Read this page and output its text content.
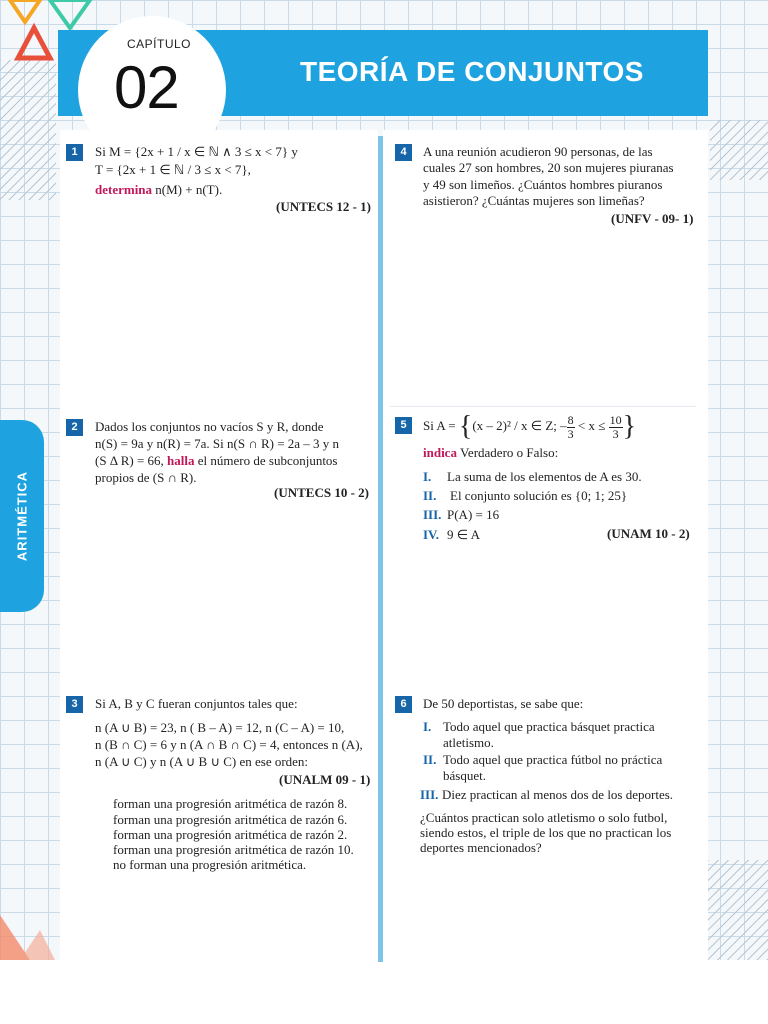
CAPÍTULO
02	TEORÍA DE CONJUNTOS
ARITMÉTICA
1	Si M = {2x + 1 / x ∈ ℕ ∧ 3 ≤ x < 7} y
T = {2x + 1 ∈ ℕ / 3 ≤ x < 7},
determina n(M) + n(T).
(UNTECS 12 - 1)
2	Dados los conjuntos no vacíos S y R, donde
n(S) = 9a y n(R) = 7a. Si n(S ∩ R) = 2a – 3 y n
(S Δ R) = 66, halla el número de subconjuntos
propios de (S ∩ R).
(UNTECS 10 - 2)
3	Si A, B y C fueran conjuntos tales que:
n (A ∪ B) = 23, n ( B – A) = 12, n (C – A) = 10,
n (B ∩ C) = 6 y n (A ∩ B ∩ C) = 4, entonces n (A),
n (A ∪ C) y n (A ∪ B ∪ C) en ese orden:
(UNALM 09 - 1)
forman una progresión aritmética de razón 8.
forman una progresión aritmética de razón 6.
forman una progresión aritmética de razón 2.
forman una progresión aritmética de razón 10.
no forman una progresión aritmética.
4	A una reunión acudieron 90 personas, de las
cuales 27 son hombres, 20 son mujeres piuranas
y 49 son limeños. ¿Cuántos hombres piuranos
asistieron? ¿Cuántas mujeres son limeñas?
(UNFV - 09- 1)
5	Si A = {(x – 2)² / x ∈ Z; – $\frac{8}{3} < x \le \frac{10}{3}$ }
indica Verdadero o Falso:
I. La suma de los elementos de A es 30.
II. El conjunto solución es {0; 1; 25}
III. P(A) = 16
IV. 9 ∈ A	(UNAM 10 - 2)
6	De 50 deportistas, se sabe que:
I. Todo aquel que practica básquet practica
atletismo.
II. Todo aquel que practica fútbol no práctica
básquet.
III. Diez practican al menos dos de los deportes.
¿Cuántos practican solo atletismo o solo futbol,
siendo estos, el triple de los que no practican los
deportes mencionados?
